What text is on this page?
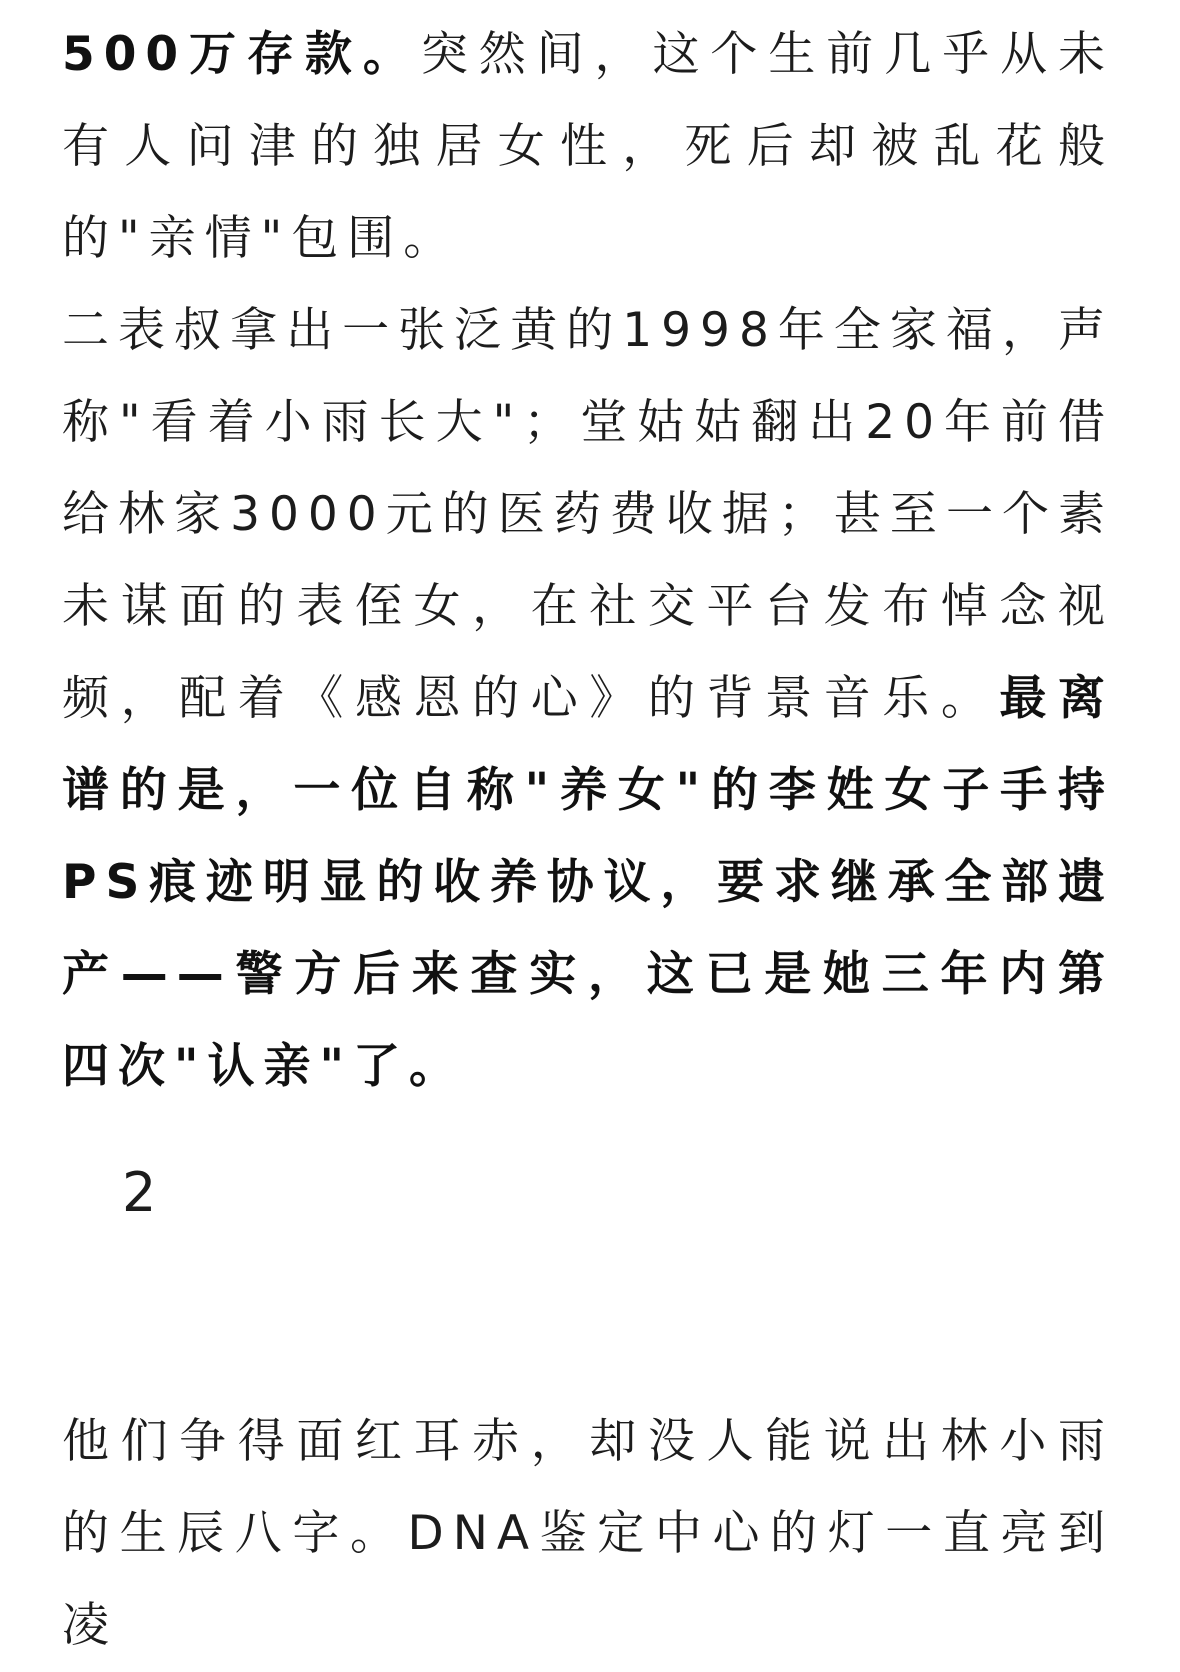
500万存款。突然间，这个生前几乎从未有人问津的独居女性，死后却被乱花般的"亲情"包围。

二表叔拿出一张泛黄的1998年全家福，声称"看着小雨长大"；堂姑姑翻出20年前借给林家3000元的医药费收据；甚至一个素未谋面的表侄女，在社交平台发布悼念视频，配着《感恩的心》的背景音乐。最离谱的是，一位自称"养女"的李姓女子手持PS痕迹明显的收养协议，要求继承全部遗产——警方后来查实，这已是她三年内第四次"认亲"了。

2

他们争得面红耳赤，却没人能说出林小雨的生辰八字。DNA鉴定中心的灯一直亮到凌
